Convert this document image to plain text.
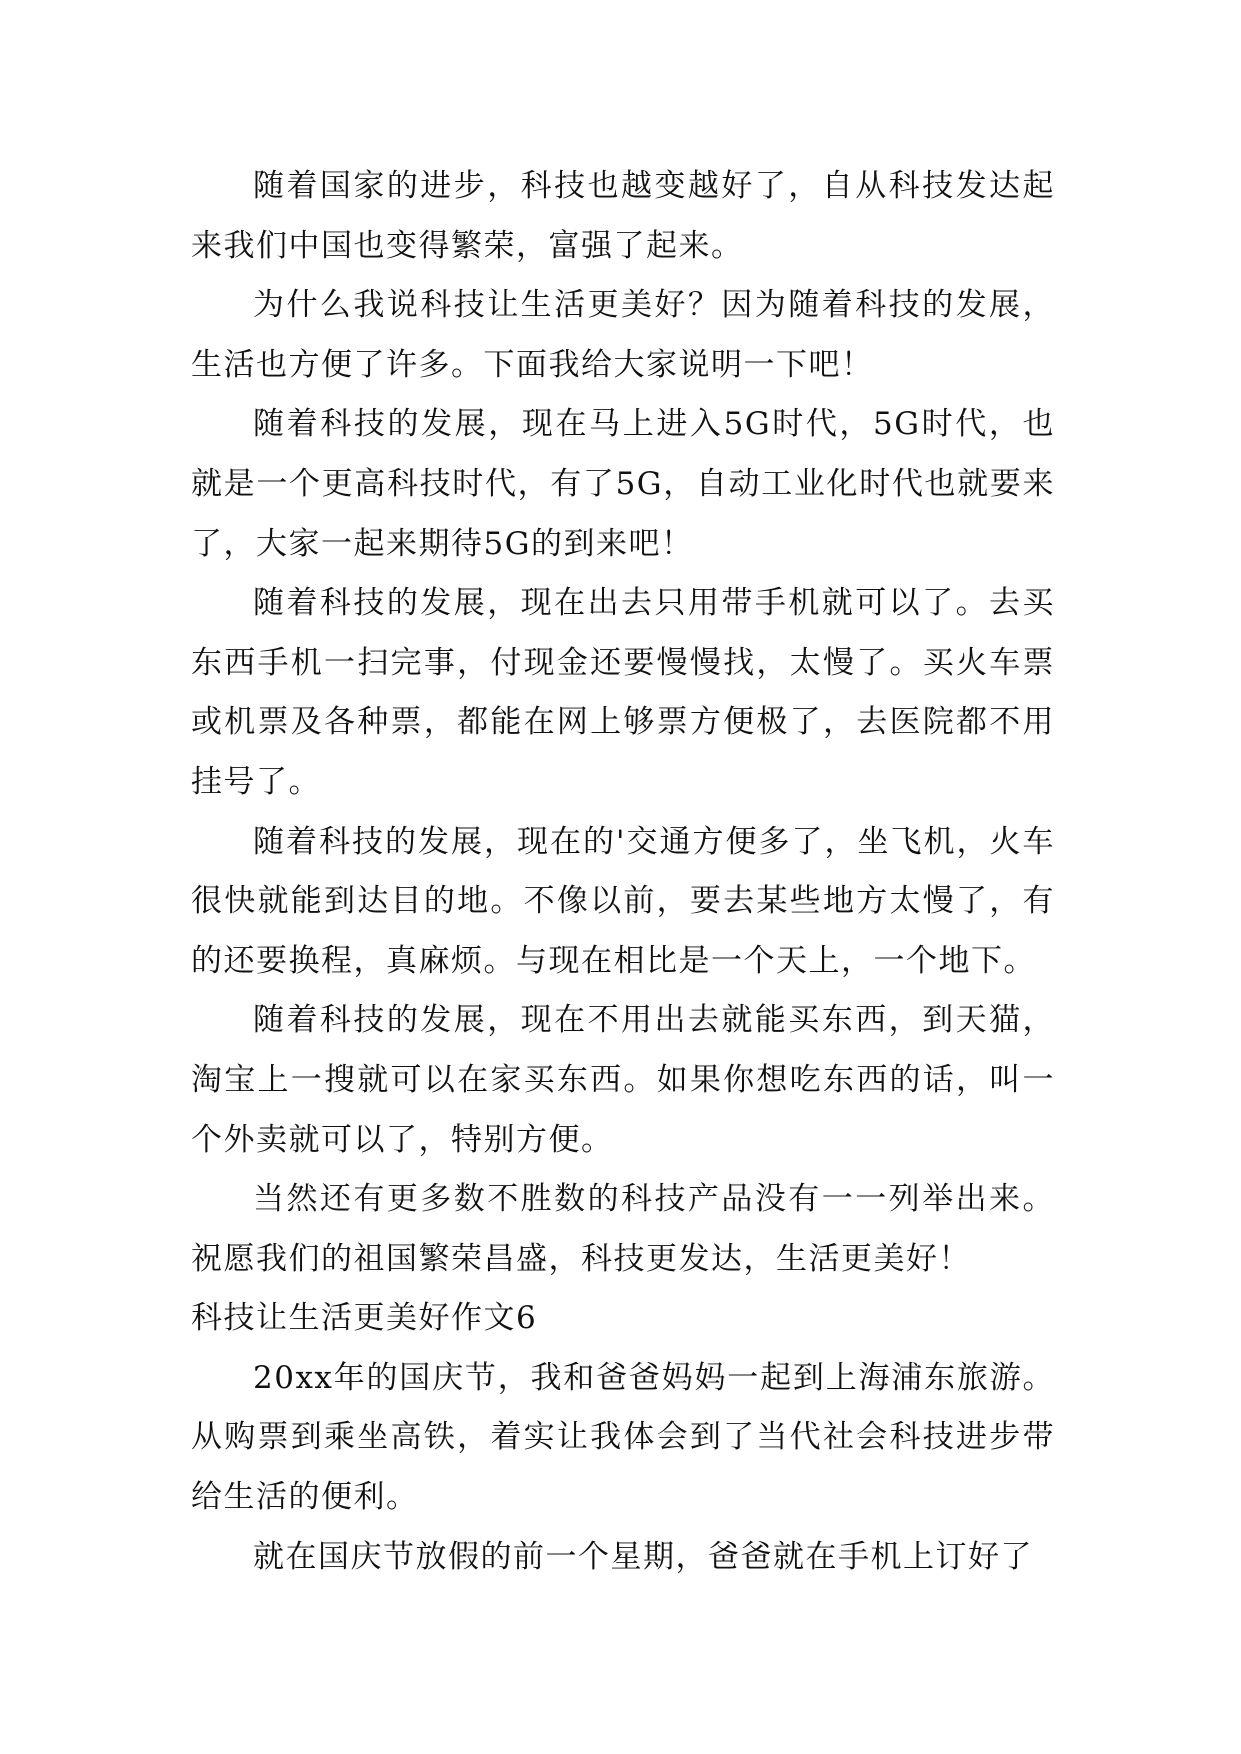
随着国家的进步，科技也越变越好了，自从科技发达起来我们中国也变得繁荣，富强了起来。

为什么我说科技让生活更美好？因为随着科技的发展，生活也方便了许多。下面我给大家说明一下吧！

随着科技的发展，现在马上进入5G时代，5G时代，也就是一个更高科技时代，有了5G，自动工业化时代也就要来了，大家一起来期待5G的到来吧！

随着科技的发展，现在出去只用带手机就可以了。去买东西手机一扫完事，付现金还要慢慢找，太慢了。买火车票或机票及各种票，都能在网上够票方便极了，去医院都不用挂号了。

随着科技的发展，现在的'交通方便多了，坐飞机，火车很快就能到达目的地。不像以前，要去某些地方太慢了，有的还要换程，真麻烦。与现在相比是一个天上，一个地下。

随着科技的发展，现在不用出去就能买东西，到天猫，淘宝上一搜就可以在家买东西。如果你想吃东西的话，叫一个外卖就可以了，特别方便。

当然还有更多数不胜数的科技产品没有一一列举出来。祝愿我们的祖国繁荣昌盛，科技更发达，生活更美好！

科技让生活更美好作文6

20xx年的国庆节，我和爸爸妈妈一起到上海浦东旅游。从购票到乘坐高铁，着实让我体会到了当代社会科技进步带给生活的便利。

就在国庆节放假的前一个星期，爸爸就在手机上订好了
